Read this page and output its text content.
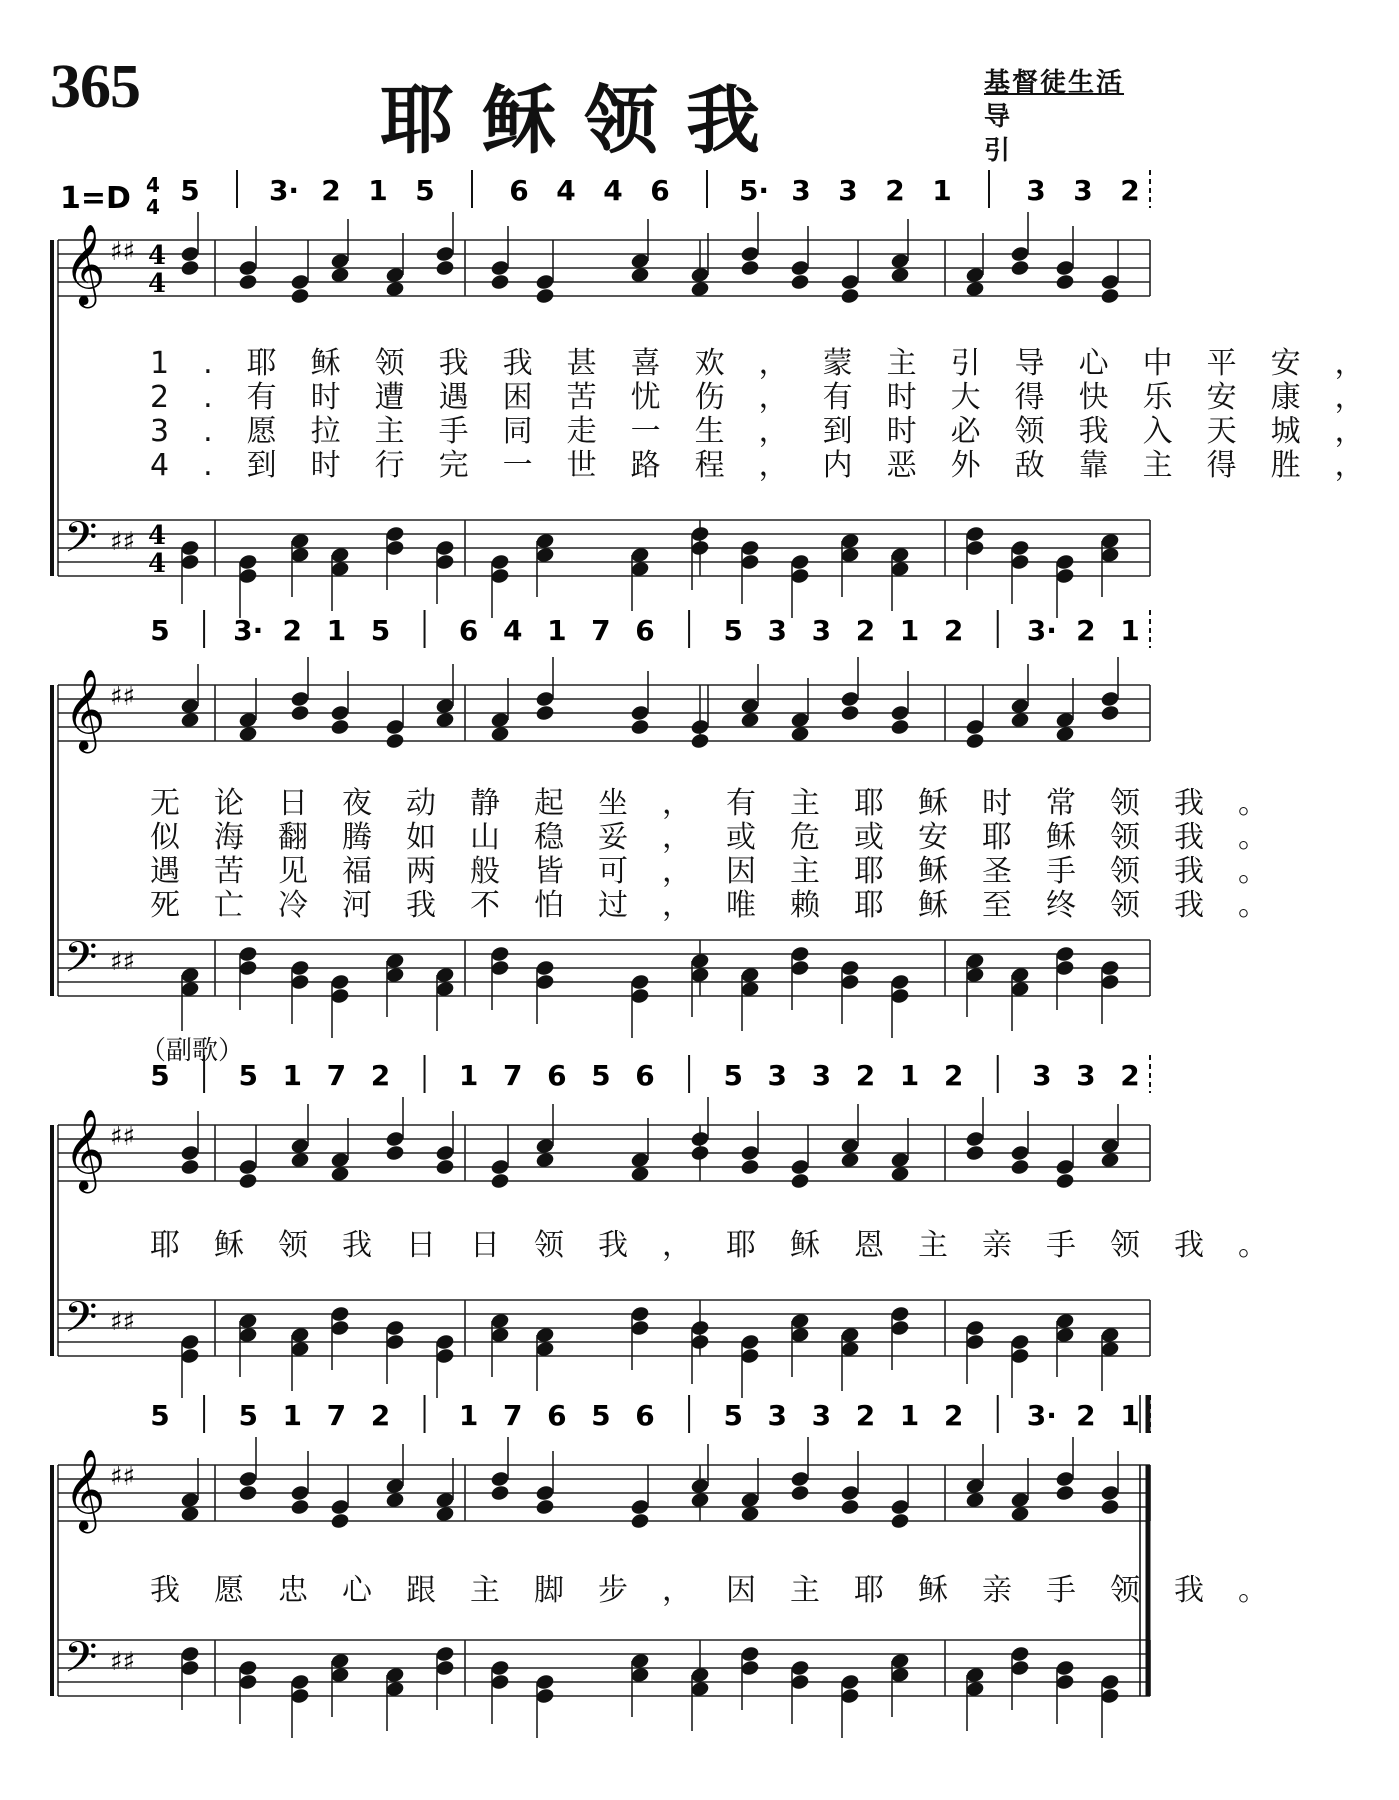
365	耶稣领我	基督徒生活
导引
1=D 4
4 5 3· 2 1 5	6 4 4 6 5· 3 3 2 1	3 3 2
5 3· 2 1 5 6 4 1 7 6 5 3 3 2 1 2 3· 2 1
5 5 1 7 2 1 7 6 5 6 5 3 3 2 1 2 3 3 2
5 5 1 7 2 1 7 6 5 6 5 3 3 2 1 2 3· 2 1
𝄞 ♯♯ 4
4
𝄢 ♯♯ 4
4
𝄞 ♯♯
𝄢 ♯♯
𝄞 ♯♯
𝄢 ♯♯
𝄞 ♯♯
𝄢 ♯♯
1.耶稣领我我甚喜欢，蒙主引导心中平安，
2.有时遭遇困苦忧伤，有时大得快乐安康，
3.愿拉主手同走一生，到时必领我入天城，
4.到时行完一世路程，内恶外敌靠主得胜，
无论日夜动静起坐，有主耶稣时常领我。
似海翻腾如山稳妥，或危或安耶稣领我。
遇苦见福两般皆可，因主耶稣圣手领我。
死亡冷河我不怕过，唯赖耶稣至终领我。
（副歌）
耶稣领我日日领我，耶稣恩主亲手领我。
我愿忠心跟主脚步，因主耶稣亲手领我。
